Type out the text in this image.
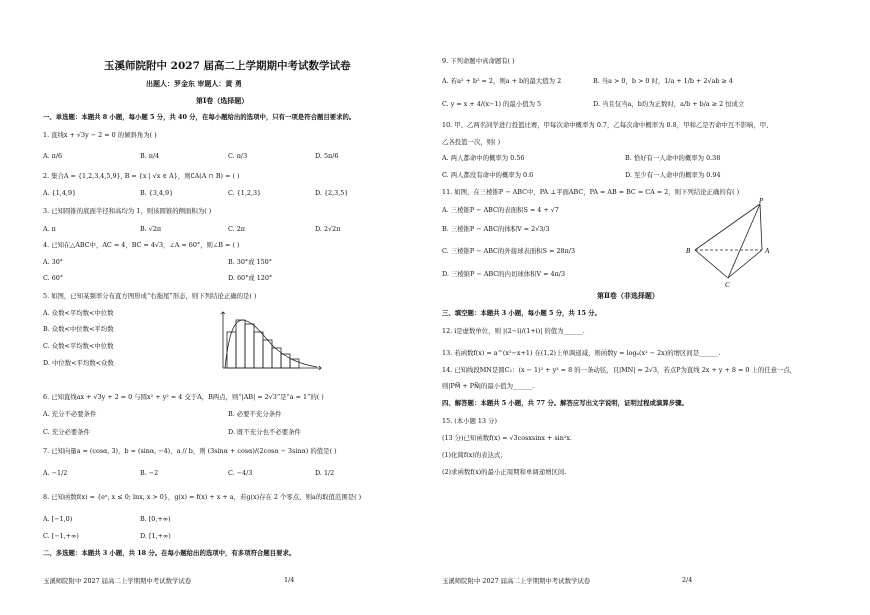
玉溪师院附中 2027 届高二上学期期中考试数学试卷
出题人：罗金东 审题人：黄 勇
第Ⅰ卷（选择题）
一、单选题：本题共 8 小题，每小题 5 分，共 40 分，在每小题给出的选项中，只有一项是符合题目要求的。
1. 直线x + √3y − 2 = 0 的倾斜角为( )
A. π/6	B. π/4	C. π/3	D. 5π/6
2. 集合A = {1,2,3,4,5,9}, B = {x | √x ∈ A}，则∁A(A ∩ B) = ( )
A. {1,4,9}	B. {3,4,9}	C. {1,2,3}	D. {2,3,5}
3. 已知圆锥的底面半径和高均为 1，则该圆锥的侧面积为( )
A. π	B. √2π	C. 2π	D. 2√2π
4. 已知在△ABC中，AC = 4，BC = 4√3，∠A = 60°，则∠B = ( )
A. 30°	B. 30°或 150°
C. 60°	D. 60°或 120°
5. 如图，已知某频率分布直方图形成“右拖尾”形态，则下列结论正确的是( )
A. 众数<平均数<中位数
B. 众数<中位数<平均数
C. 众数<平均数<中位数
D. 中位数<平均数<众数
6. 已知直线ax + √3y + 2 = 0 与圆x² + y² = 4 交于A，B两点，则“|AB| = 2√3”是“a = 1”的( )
A. 充分不必要条件	B. 必要不充分条件
C. 充分必要条件	D. 既不充分也不必要条件
7. 已知向量a = (cosα, 3)，b = (sinα, −4)，a // b，则 (3sinα + cosα)/(2cosα − 3sinα) 的值是( )
A. −1/2	B. −2	C. −4/3	D. 1/2
8. 已知函数f(x) = {eˣ, x ≤ 0; lnx, x > 0}，g(x) = f(x) + x + a，若g(x)存在 2 个零点，则a的取值范围是( )
A. [−1,0)	B. [0,+∞)
C. [−1,+∞)	D. [1,+∞)
二、多选题：本题共 3 小题，共 18 分。在每小题给出的选项中，有多项符合题目要求。
玉溪师院附中 2027 届高二上学期期中考试数学试卷	1/4
9. 下列命题中真命题有( )
A. 若a² + b² = 2，则a + b的最大值为 2	B. 当a > 0，b > 0 时，1/a + 1/b + 2√ab ≥ 4
C. y = x + 4/(x−1) 的最小值为 5	D. 当且仅当a，b均为正数时，a/b + b/a ≥ 2 恒成立
10. 甲、乙两名同学进行投篮比赛，甲每次命中概率为 0.7，乙每次命中概率为 0.8，甲和乙是否命中互不影响，甲、
乙各投篮一次，则( )
A. 两人都命中的概率为 0.56	B. 恰好有一人命中的概率为 0.38
C. 两人都没有命中的概率为 0.6	D. 至少有一人命中的概率为 0.94
11. 如图，在三棱锥P − ABC中，PA ⊥平面ABC，PA = AB = BC = CA = 2，则下列结论正确的有( )
A. 三棱锥P − ABC的表面积S = 4 + √7
B. 三棱锥P − ABC的体积V = 2√3/3
C. 三棱锥P − ABC的外接球表面积S = 28π/3
D. 三棱锥P − ABC的内切球体积V = 4π/3
P
B	A
C
第Ⅱ卷（非选择题）
三、填空题：本题共 3 小题，每小题 5 分，共 15 分。
12. i是虚数单位，则 |(2−i)/(1+i)| 的值为______.
13. 若函数f(x) = a^(x²−x+1) 在(1,2)上单调递减，则函数y = logₐ(x² − 2x)的增区间是______.
14. 已知线段MN是圆C₁：(x − 1)² + y² = 8 的一条动弦，且|MN| = 2√3，若点P为直线 2x + y + 8 = 0 上的任意一点，
则|PM⃗ + PN⃗|的最小值为______.
四、解答题：本题共 5 小题，共 77 分。解答应写出文字说明，证明过程或演算步骤。
15. (本小题 13 分)
(13 分)已知函数f(x) = √3cosxsinx + sin²x.
(1)化简f(x)的表达式；
(2)求函数f(x)的最小正周期和单调递增区间.
玉溪师院附中 2027 届高二上学期期中考试数学试卷	2/4
